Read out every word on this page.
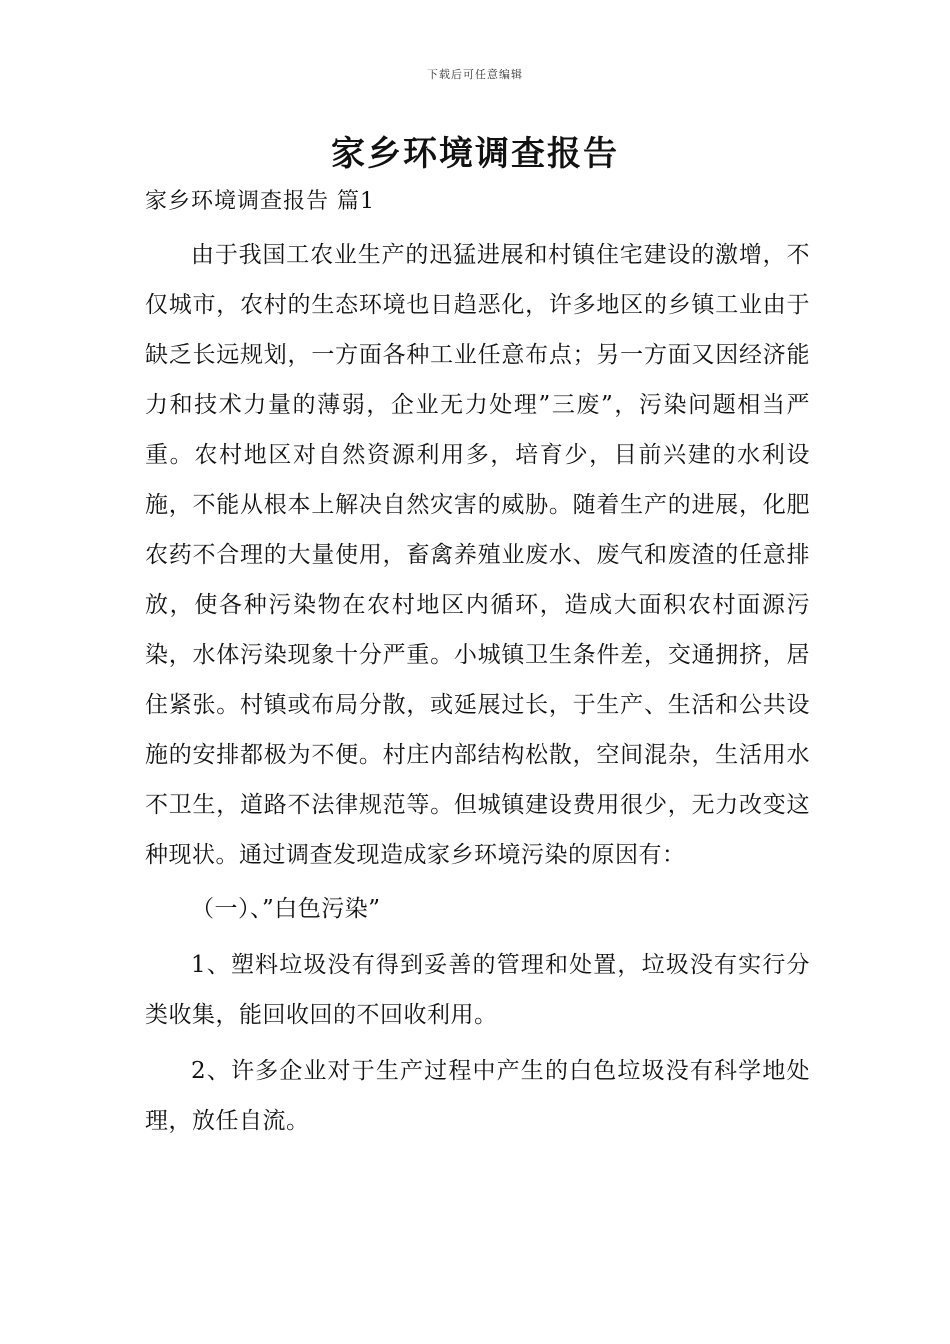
下载后可任意编辑
家乡环境调查报告
家乡环境调查报告 篇1

由于我国工农业生产的迅猛进展和村镇住宅建设的激增，不仅城市，农村的生态环境也日趋恶化，许多地区的乡镇工业由于缺乏长远规划，一方面各种工业任意布点；另一方面又因经济能力和技术力量的薄弱，企业无力处理”三废”，污染问题相当严重。农村地区对自然资源利用多，培育少，目前兴建的水利设施，不能从根本上解决自然灾害的威胁。随着生产的进展，化肥农药不合理的大量使用，畜禽养殖业废水、废气和废渣的任意排放，使各种污染物在农村地区内循环，造成大面积农村面源污染，水体污染现象十分严重。小城镇卫生条件差，交通拥挤，居住紧张。村镇或布局分散，或延展过长，于生产、生活和公共设施的安排都极为不便。村庄内部结构松散，空间混杂，生活用水不卫生，道路不法律规范等。但城镇建设费用很少，无力改变这种现状。通过调查发现造成家乡环境污染的原因有：

（一）、”白色污染”

1、塑料垃圾没有得到妥善的管理和处置，垃圾没有实行分类收集，能回收回的不回收利用。

2、许多企业对于生产过程中产生的白色垃圾没有科学地处理，放任自流。
